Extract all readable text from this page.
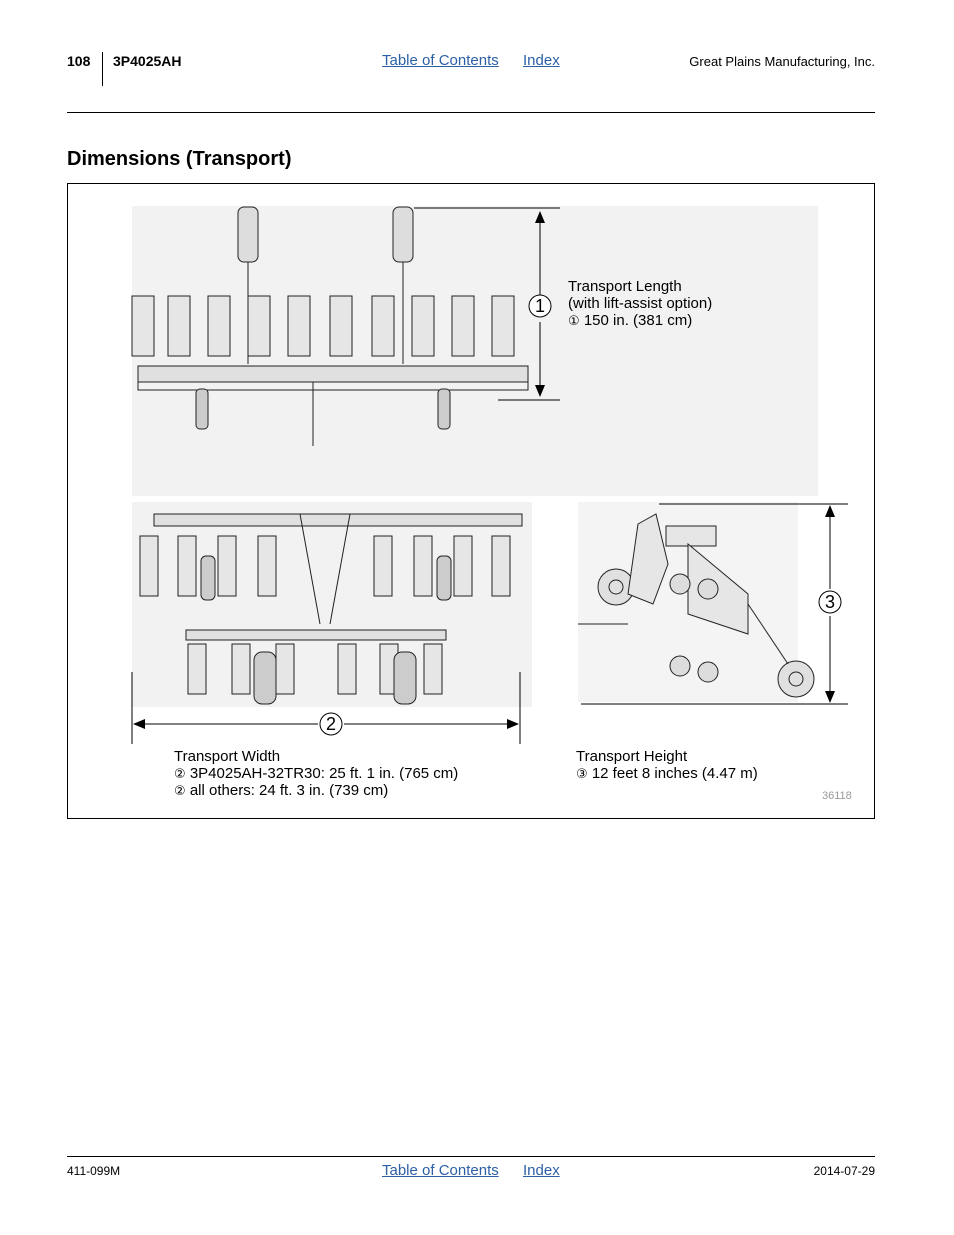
108 3P4025AH	Table of Contents Index	Great Plains Manufacturing, Inc.
Dimensions (Transport)
1
2
3
Transport Length
(with lift-assist option)
① 150 in. (381 cm)
Transport Width
② 3P4025AH-32TR30: 25 ft. 1 in. (765 cm)
② all others: 24 ft. 3 in. (739 cm)
Transport Height
③ 12 feet 8 inches (4.47 m)
36118
411-099M	Table of Contents Index	2014-07-29
